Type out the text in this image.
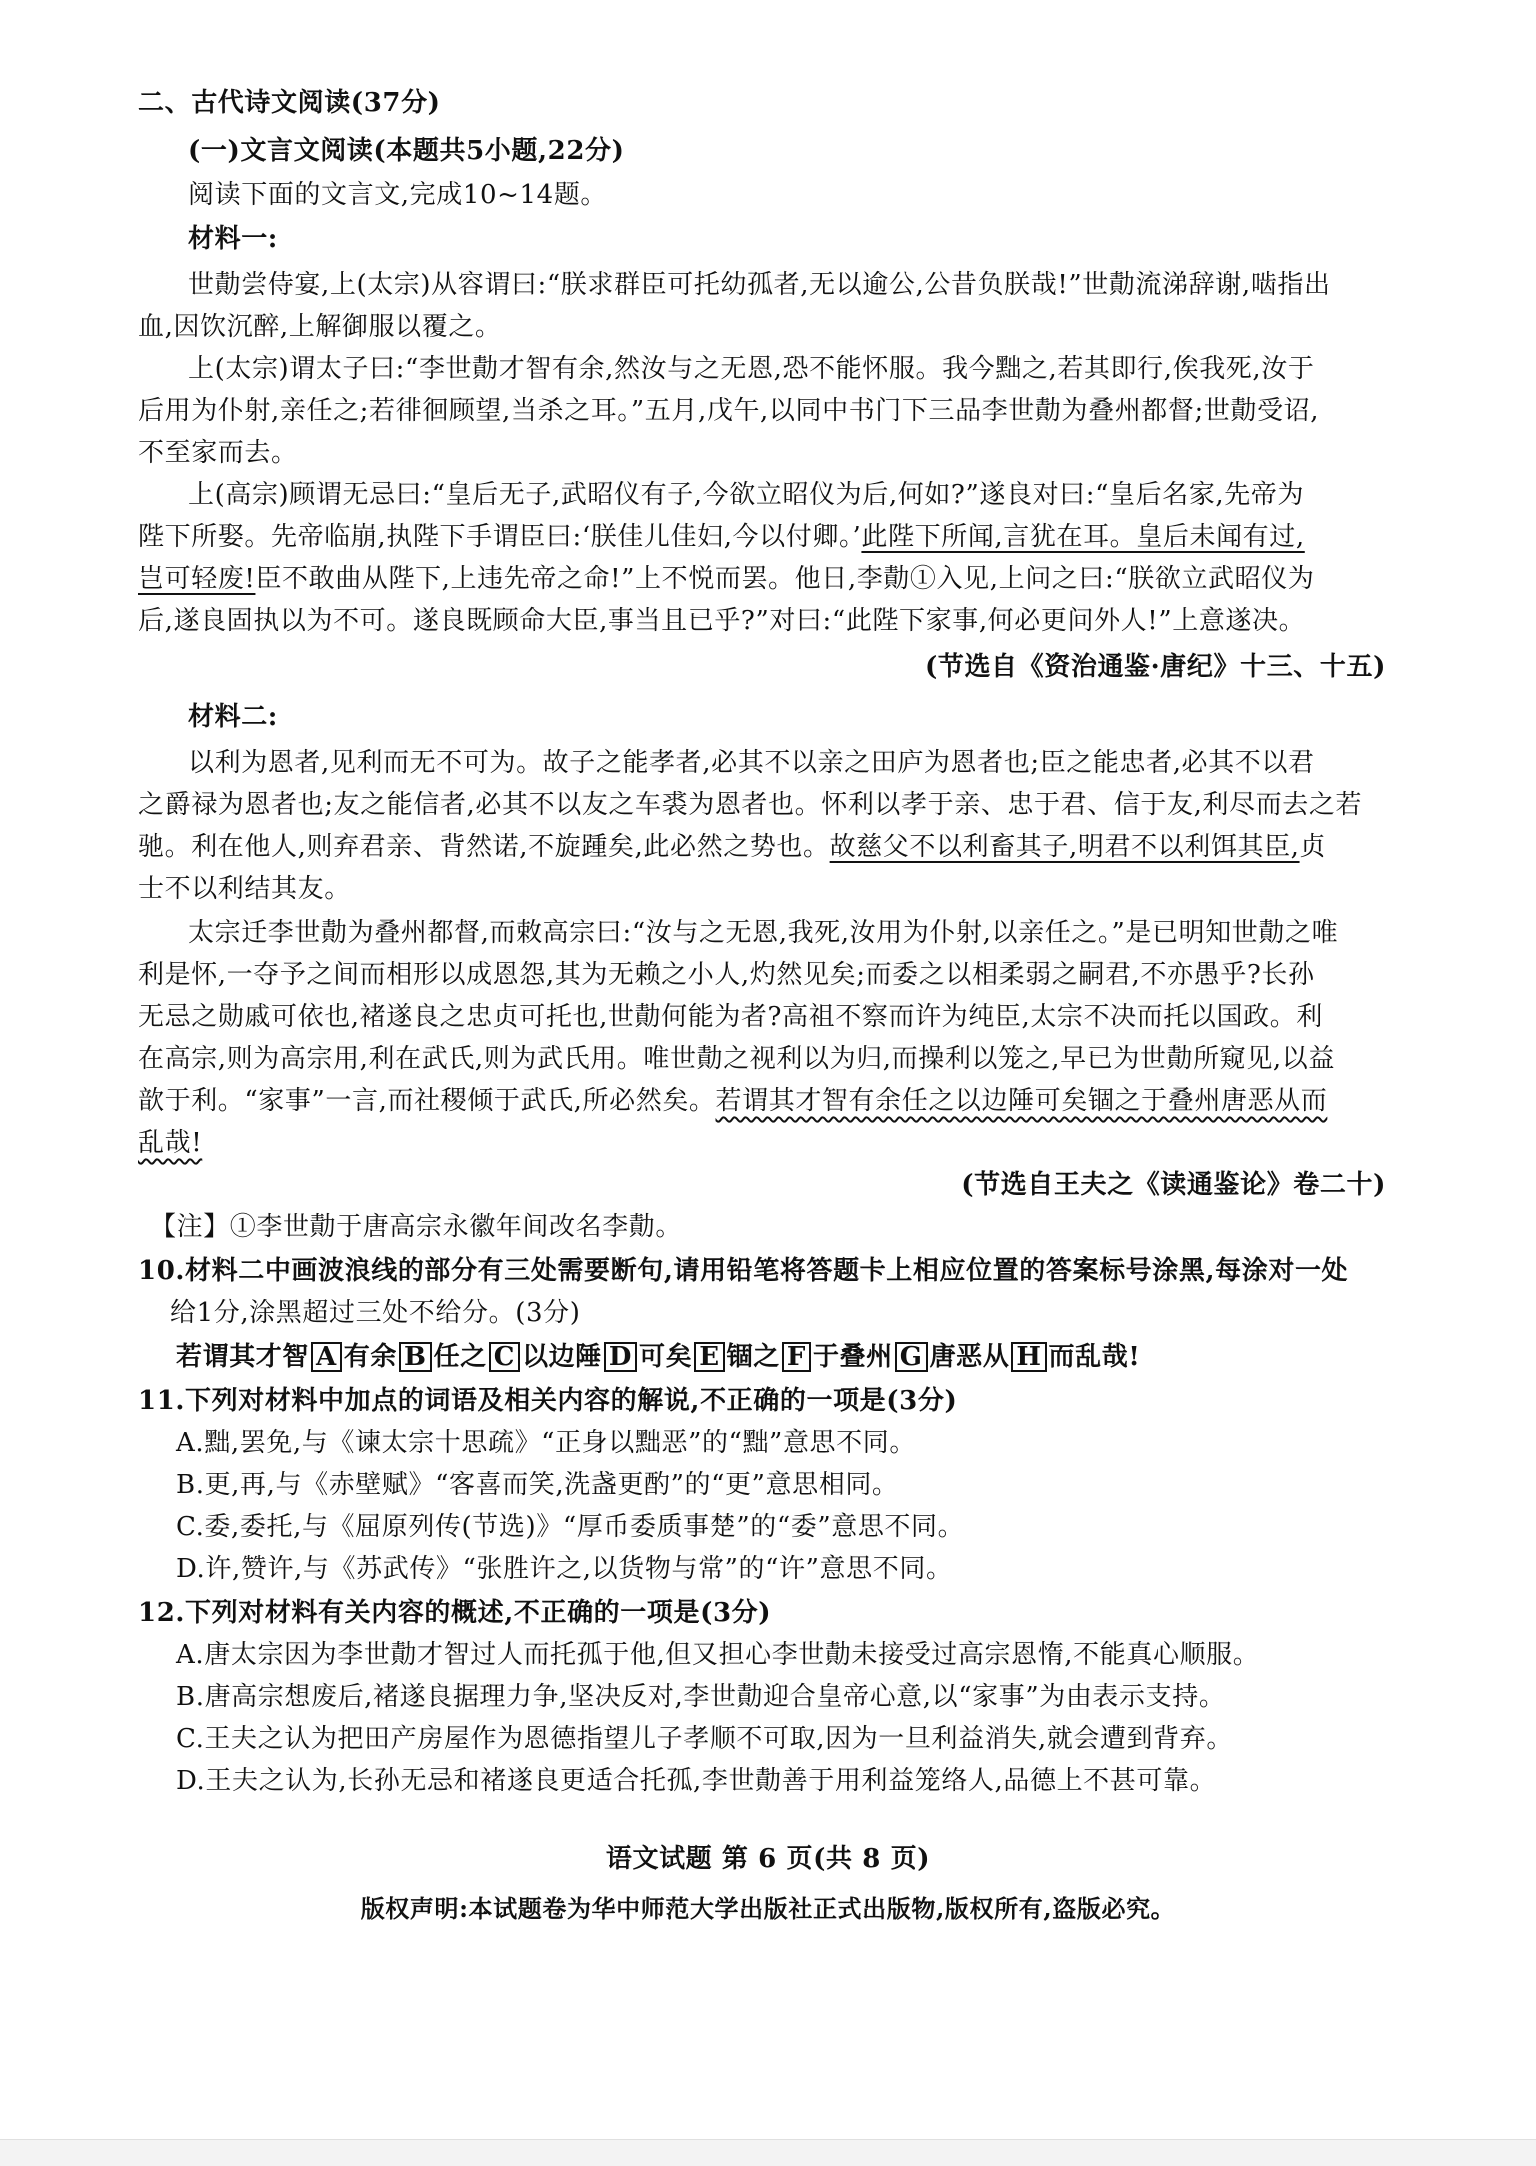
二、古代诗文阅读(37分)
(一)文言文阅读(本题共5小题,22分)
阅读下面的文言文,完成10~14题。
材料一:
世勣尝侍宴,上(太宗)从容谓曰:“朕求群臣可托幼孤者,无以逾公,公昔负朕哉!”世勣流涕辞谢,啮指出
血,因饮沉醉,上解御服以覆之。
上(太宗)谓太子曰:“李世勣才智有余,然汝与之无恩,恐不能怀服。我今黜之,若其即行,俟我死,汝于
后用为仆射,亲任之;若徘徊顾望,当杀之耳。”五月,戊午,以同中书门下三品李世勣为叠州都督;世勣受诏,
不至家而去。
上(高宗)顾谓无忌曰:“皇后无子,武昭仪有子,今欲立昭仪为后,何如?”遂良对曰:“皇后名家,先帝为
陛下所娶。先帝临崩,执陛下手谓臣曰:‘朕佳儿佳妇,今以付卿。’此陛下所闻,言犹在耳。皇后未闻有过,
岂可轻废!臣不敢曲从陛下,上违先帝之命!”上不悦而罢。他日,李勣①入见,上问之曰:“朕欲立武昭仪为
后,遂良固执以为不可。遂良既顾命大臣,事当且已乎?”对曰:“此陛下家事,何必更问外人!”上意遂决。
(节选自《资治通鉴·唐纪》十三、十五)
材料二:
以利为恩者,见利而无不可为。故子之能孝者,必其不以亲之田庐为恩者也;臣之能忠者,必其不以君
之爵禄为恩者也;友之能信者,必其不以友之车裘为恩者也。怀利以孝于亲、忠于君、信于友,利尽而去之若
驰。利在他人,则弃君亲、背然诺,不旋踵矣,此必然之势也。故慈父不以利畜其子,明君不以利饵其臣,贞
士不以利结其友。
太宗迁李世勣为叠州都督,而敕高宗曰:“汝与之无恩,我死,汝用为仆射,以亲任之。”是已明知世勣之唯
利是怀,一夺予之间而相形以成恩怨,其为无赖之小人,灼然见矣;而委之以相柔弱之嗣君,不亦愚乎?长孙
无忌之勋戚可依也,褚遂良之忠贞可托也,世勣何能为者?高祖不察而许为纯臣,太宗不决而托以国政。利
在高宗,则为高宗用,利在武氏,则为武氏用。唯世勣之视利以为归,而操利以笼之,早已为世勣所窥见,以益
歆于利。“家事”一言,而社稷倾于武氏,所必然矣。若谓其才智有余任之以边陲可矣锢之于叠州唐恶从而
乱哉!
(节选自王夫之《读通鉴论》卷二十)
【注】①李世勣于唐高宗永徽年间改名李勣。
10.材料二中画波浪线的部分有三处需要断句,请用铅笔将答题卡上相应位置的答案标号涂黑,每涂对一处
给1分,涂黑超过三处不给分。(3分)
若谓其才智 A 有余 B 任之 C 以边陲 D 可矣 E 锢之 F 于叠州 G 唐恶从 H 而乱哉!
11.下列对材料中加点的词语及相关内容的解说,不正确的一项是(3分)
A.黜,罢免,与《谏太宗十思疏》“正身以黜恶”的“黜”意思不同。
B.更,再,与《赤壁赋》“客喜而笑,洗盏更酌”的“更”意思相同。
C.委,委托,与《屈原列传(节选)》“厚币委质事楚”的“委”意思不同。
D.许,赞许,与《苏武传》“张胜许之,以货物与常”的“许”意思不同。
12.下列对材料有关内容的概述,不正确的一项是(3分)
A.唐太宗因为李世勣才智过人而托孤于他,但又担心李世勣未接受过高宗恩惰,不能真心顺服。
B.唐高宗想废后,褚遂良据理力争,坚决反对,李世勣迎合皇帝心意,以“家事”为由表示支持。
C.王夫之认为把田产房屋作为恩德指望儿子孝顺不可取,因为一旦利益消失,就会遭到背弃。
D.王夫之认为,长孙无忌和褚遂良更适合托孤,李世勣善于用利益笼络人,品德上不甚可靠。
语文试题 第 6 页(共 8 页)
版权声明:本试题卷为华中师范大学出版社正式出版物,版权所有,盗版必究。
